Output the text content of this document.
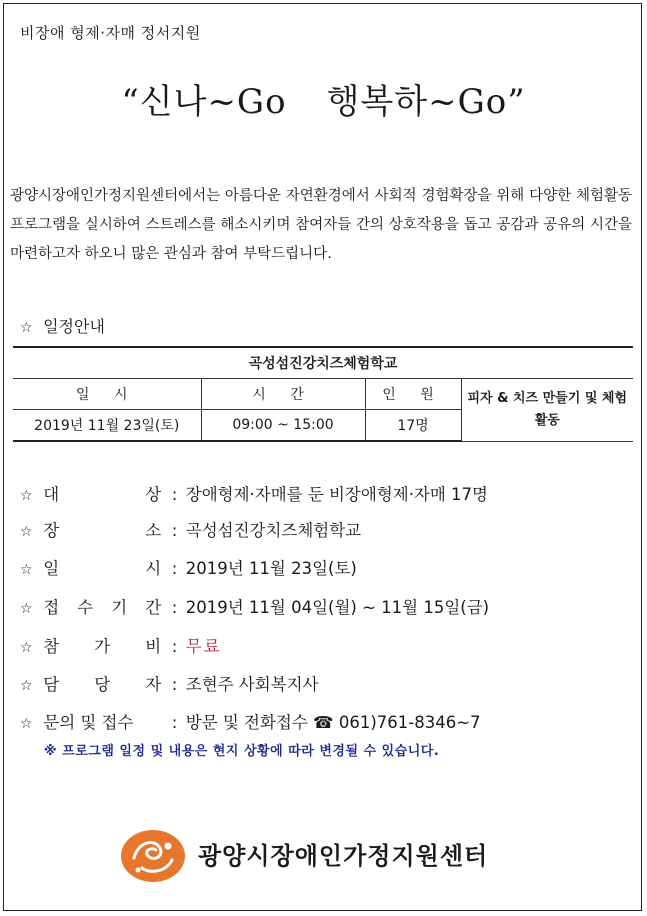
비장애 형제·자매 정서지원
“신나~Go 행복하~Go”
광양시장애인가정지원센터에서는 아름다운 자연환경에서 사회적 경험확장을 위해 다양한 체험활동프로그램을 실시하여 스트레스를 해소시키며 참여자들 간의 상호작용을 돕고 공감과 공유의 시간을 마련하고자 하오니 많은 관심과 참여 부탁드립니다.
☆ 일정안내
곡성섬진강치즈체험학교			
일 시	시 간	인 원	피자 & 치즈 만들기 및 체험활동
2019년 11월 23일(토)	09:00 ~ 15:00	17명	
☆ 대	상 : 장애형제·자매를 둔 비장애형제·자매 17명
☆ 장	소 : 곡성섬진강치즈체험학교
☆ 일	시 : 2019년 11월 23일(토)
☆ 접 수 기 간 : 2019년 11월 04일(월) ~ 11월 15일(금)
☆ 참 가 비 : 무료
☆ 담 당 자 : 조현주 사회복지사
☆ 문의 및 접수  : 방문 및 전화접수 ☎ 061)761-8346~7
※ 프로그램 일정 및 내용은 현지 상황에 따라 변경될 수 있습니다.
광양시장애인가정지원센터
